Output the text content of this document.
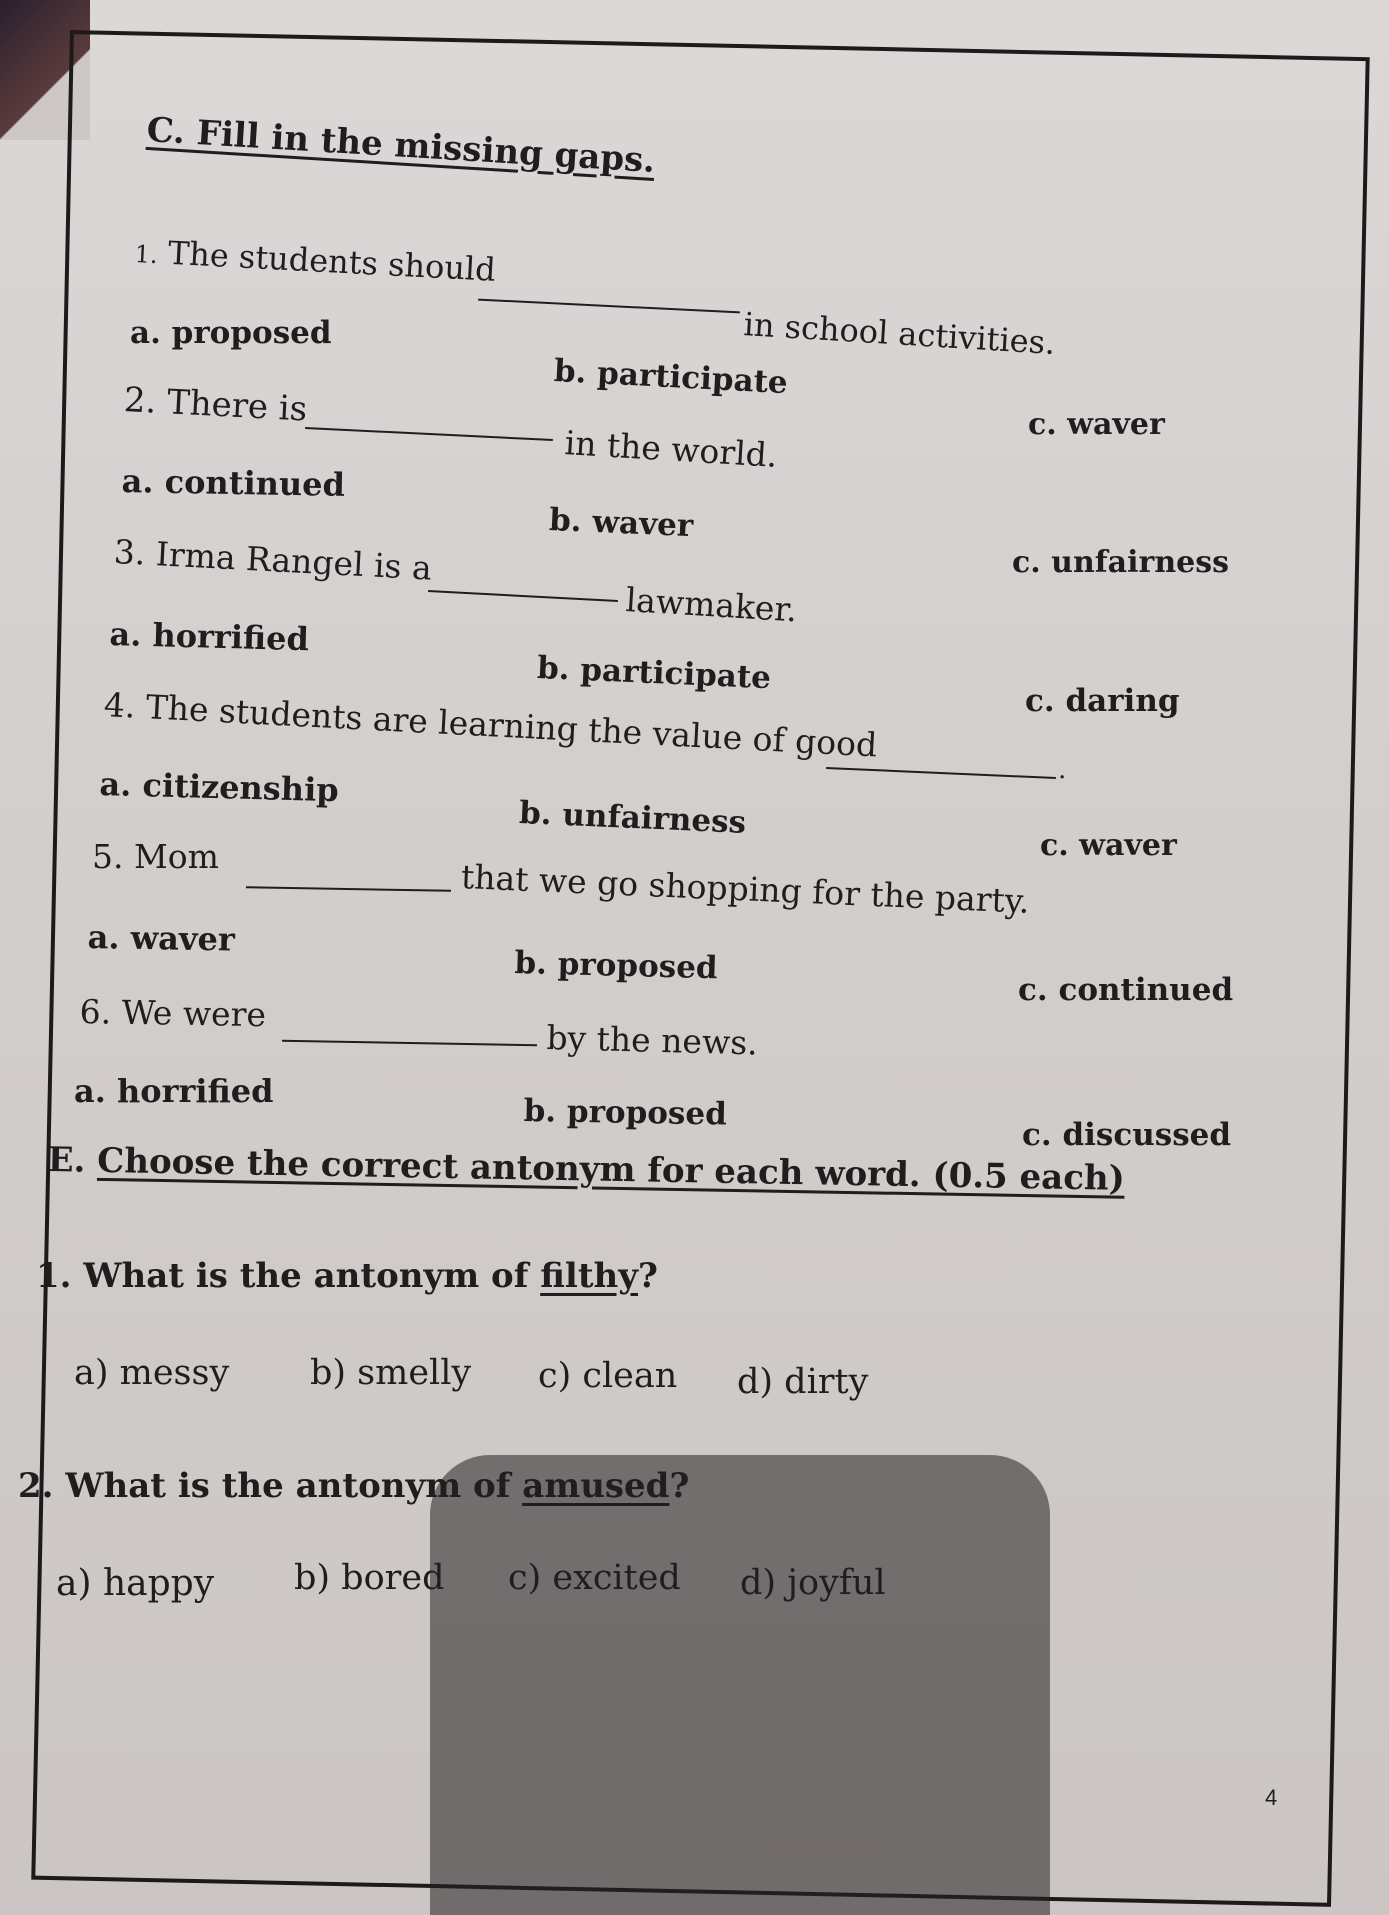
C. Fill in the missing gaps.
1. The students should
in school activities.
a. proposed
b. participate
c. waver
2. There is
in the world.
a. continued
b. waver
c. unfairness
3. Irma Rangel is a
lawmaker.
a. horrified
b. participate
c. daring
4. The students are learning the value of good
.
a. citizenship
b. unfairness
c. waver
5. Mom
that we go shopping for the party.
a. waver
b. proposed
c. continued
6. We were
by the news.
a. horrified
b. proposed
c. discussed
E. Choose the correct antonym for each word. (0.5 each)
1. What is the antonym of filthy?
a) messy b) smelly c) clean d) dirty
2. What is the antonym of amused?
a) happy b) bored c) excited d) joyful
4
